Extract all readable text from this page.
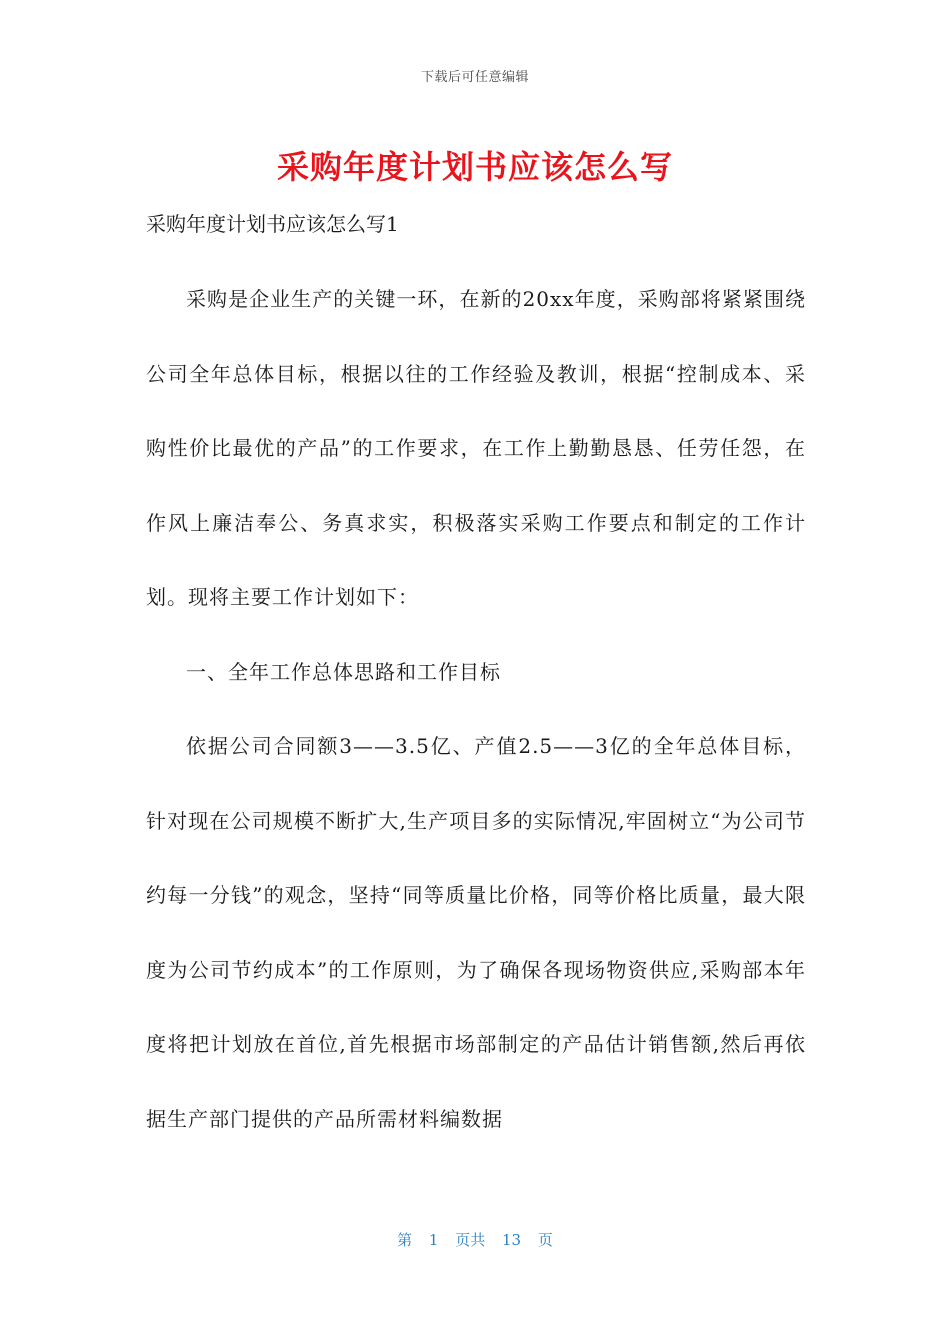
下载后可任意编辑
采购年度计划书应该怎么写

采购年度计划书应该怎么写1

采购是企业生产的关键一环，在新的20xx年度，采购部将紧紧围绕公司全年总体目标，根据以往的工作经验及教训，根据“控制成本、采购性价比最优的产品”的工作要求，在工作上勤勤恳恳、任劳任怨，在作风上廉洁奉公、务真求实，积极落实采购工作要点和制定的工作计划。现将主要工作计划如下：

一、全年工作总体思路和工作目标

依据公司合同额3——3.5亿、产值2.5——3亿的全年总体目标，针对现在公司规模不断扩大,生产项目多的实际情况,牢固树立“为公司节约每一分钱”的观念，坚持“同等质量比价格，同等价格比质量，最大限度为公司节约成本”的工作原则，为了确保各现场物资供应,采购部本年度将把计划放在首位,首先根据市场部制定的产品估计销售额,然后再依据生产部门提供的产品所需材料编数据

第 1 页共 13 页
